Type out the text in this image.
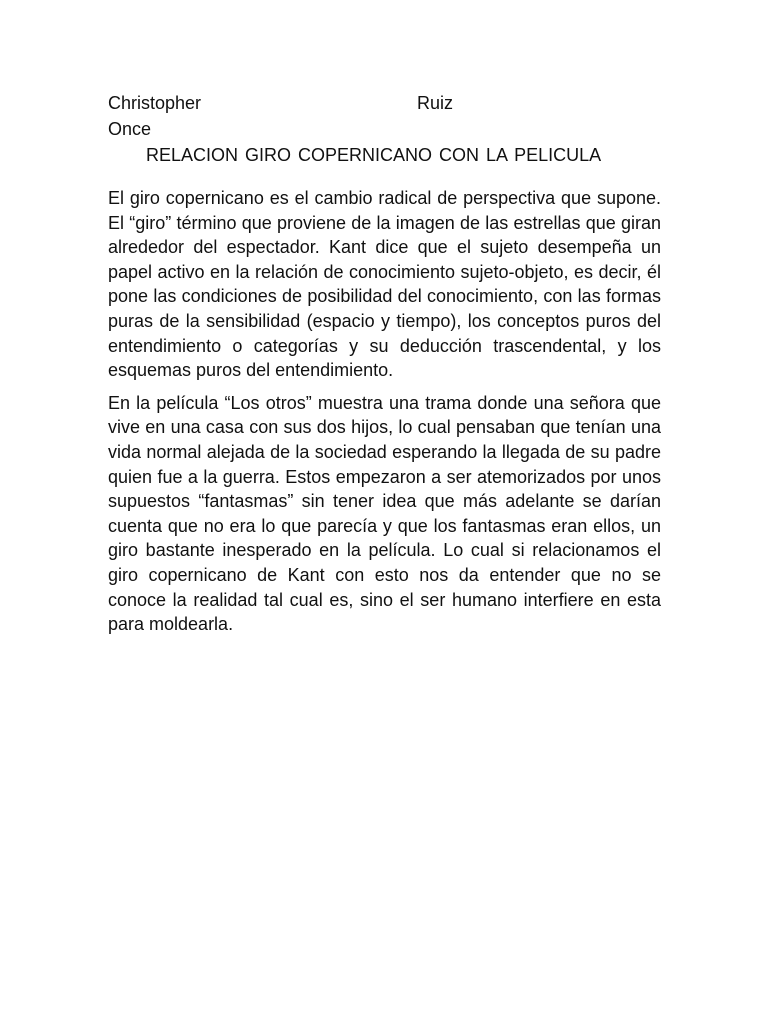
Christopher	Ruiz
Once
RELACION GIRO COPERNICANO CON LA PELICULA

El giro copernicano es el cambio radical de perspectiva que supone. El “giro” término que proviene de la imagen de las estrellas que giran alrededor del espectador. Kant dice que el sujeto desempeña un papel activo en la relación de conocimiento sujeto-objeto, es decir, él pone las condiciones de posibilidad del conocimiento, con las formas puras de la sensibilidad (espacio y tiempo), los conceptos puros del entendimiento o categorías y su deducción trascendental, y los esquemas puros del entendimiento.

En la película “Los otros” muestra una trama donde una señora que vive en una casa con sus dos hijos, lo cual pensaban que tenían una vida normal alejada de la sociedad esperando la llegada de su padre quien fue a la guerra. Estos empezaron a ser atemorizados por unos supuestos “fantasmas” sin tener idea que más adelante se darían cuenta que no era lo que parecía y que los fantasmas eran ellos, un giro bastante inesperado en la película. Lo cual si relacionamos el giro copernicano de Kant con esto nos da entender que no se conoce la realidad tal cual es, sino el ser humano interfiere en esta para moldearla.
